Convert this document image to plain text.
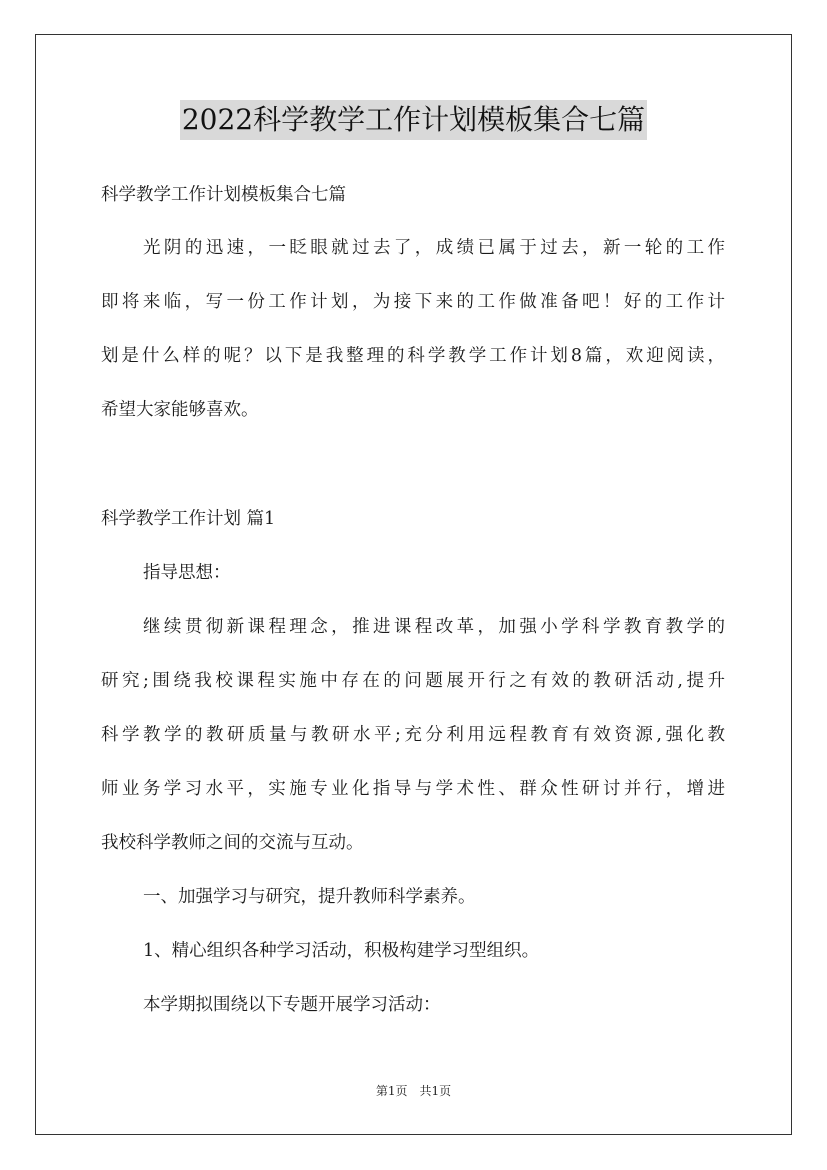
2022科学教学工作计划模板集合七篇
科学教学工作计划模板集合七篇
光阴的迅速，一眨眼就过去了，成绩已属于过去，新一轮的工作
即将来临，写一份工作计划，为接下来的工作做准备吧！好的工作计
划是什么样的呢？以下是我整理的科学教学工作计划8篇，欢迎阅读，
希望大家能够喜欢。
科学教学工作计划 篇1
指导思想：
继续贯彻新课程理念，推进课程改革，加强小学科学教育教学的
研究;围绕我校课程实施中存在的问题展开行之有效的教研活动,提升
科学教学的教研质量与教研水平;充分利用远程教育有效资源,强化教
师业务学习水平，实施专业化指导与学术性、群众性研讨并行，增进
我校科学教师之间的交流与互动。
一、加强学习与研究，提升教师科学素养。
1、精心组织各种学习活动，积极构建学习型组织。
本学期拟围绕以下专题开展学习活动：
第1页 共1页
